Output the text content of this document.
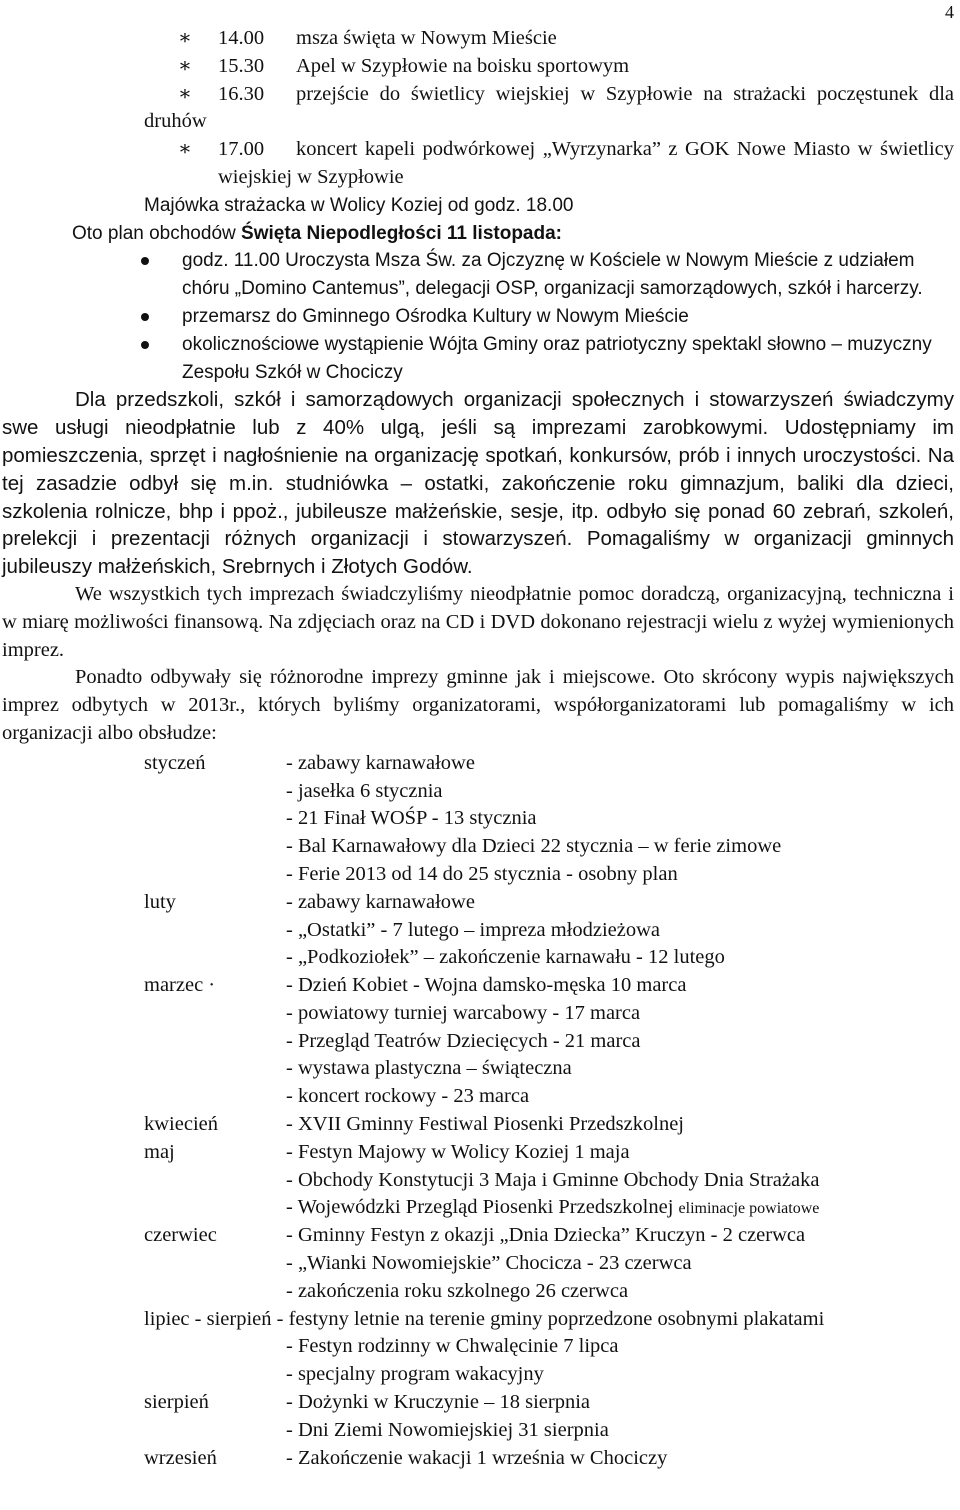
4
∗ 14.00 msza święta w Nowym Mieście
∗ 15.30 Apel w Szypłowie na boisku sportowym
∗ 16.30 przejście do świetlicy wiejskiej w Szypłowie na strażacki poczęstunek dla druhów
∗ 17.00 koncert kapeli podwórkowej „Wyrzynarka” z GOK Nowe Miasto w świetlicy wiejskiej w Szypłowie
Majówka strażacka w Wolicy Koziej od godz. 18.00
Oto plan obchodów Święta Niepodległości 11 listopada:
godz. 11.00 Uroczysta Msza Św. za Ojczyznę w Kościele w Nowym Mieście z udziałem chóru „Domino Cantemus”, delegacji OSP, organizacji samorządowych, szkół i harcerzy.
przemarsz do Gminnego Ośrodka Kultury w Nowym Mieście
okolicznościowe wystąpienie Wójta Gminy oraz patriotyczny spektakl słowno – muzyczny Zespołu Szkół w Chociczy
Dla przedszkoli, szkół i samorządowych organizacji społecznych i stowarzyszeń świadczymy swe usługi nieodpłatnie lub z 40% ulgą, jeśli są imprezami zarobkowymi. Udostępniamy im pomieszczenia, sprzęt i nagłośnienie na organizację spotkań, konkursów, prób i innych uroczystości. Na tej zasadzie odbył się m.in. studniówka – ostatki, zakończenie roku gimnazjum, baliki dla dzieci, szkolenia rolnicze, bhp i ppoż., jubileusze małżeńskie, sesje, itp. odbyło się ponad 60 zebrań, szkoleń, prelekcji i prezentacji różnych organizacji i stowarzyszeń. Pomagaliśmy w organizacji gminnych jubileuszy małżeńskich, Srebrnych i Złotych Godów.
We wszystkich tych imprezach świadczyliśmy nieodpłatnie pomoc doradczą, organizacyjną, techniczna i w miarę możliwości finansową. Na zdjęciach oraz na CD i DVD dokonano rejestracji wielu z wyżej wymienionych imprez.
Ponadto odbywały się różnorodne imprezy gminne jak i miejscowe. Oto skrócony wypis największych imprez odbytych w 2013r., których byliśmy organizatorami, współorganizatorami lub pomagaliśmy w ich organizacji albo obsłudze:
styczeń	- zabawy karnawałowe
- jasełka 6 stycznia
- 21 Finał WOŚP - 13 stycznia
- Bal Karnawałowy dla Dzieci 22 stycznia – w ferie zimowe
- Ferie 2013 od 14 do 25 stycznia - osobny plan
luty	- zabawy karnawałowe
- „Ostatki” - 7 lutego – impreza młodzieżowa
- „Podkoziołek” – zakończenie karnawału - 12 lutego
marzec ·	- Dzień Kobiet - Wojna damsko-męska 10 marca
- powiatowy turniej warcabowy - 17 marca
- Przegląd Teatrów Dziecięcych - 21 marca
- wystawa plastyczna – świąteczna
- koncert rockowy - 23 marca
kwiecień	- XVII Gminny Festiwal Piosenki Przedszkolnej
maj	- Festyn Majowy w Wolicy Koziej 1 maja
- Obchody Konstytucji 3 Maja i Gminne Obchody Dnia Strażaka
- Wojewódzki Przegląd Piosenki Przedszkolnej eliminacje powiatowe
czerwiec	- Gminny Festyn z okazji „Dnia Dziecka” Kruczyn - 2 czerwca
- „Wianki Nowomiejskie” Chocicza - 23 czerwca
- zakończenia roku szkolnego 26 czerwca
lipiec - sierpień - festyny letnie na terenie gminy poprzedzone osobnymi plakatami
- Festyn rodzinny w Chwalęcinie 7 lipca
- specjalny program wakacyjny
sierpień	- Dożynki w Kruczynie – 18 sierpnia
- Dni Ziemi Nowomiejskiej 31 sierpnia
wrzesień	- Zakończenie wakacji 1 września w Chociczy
